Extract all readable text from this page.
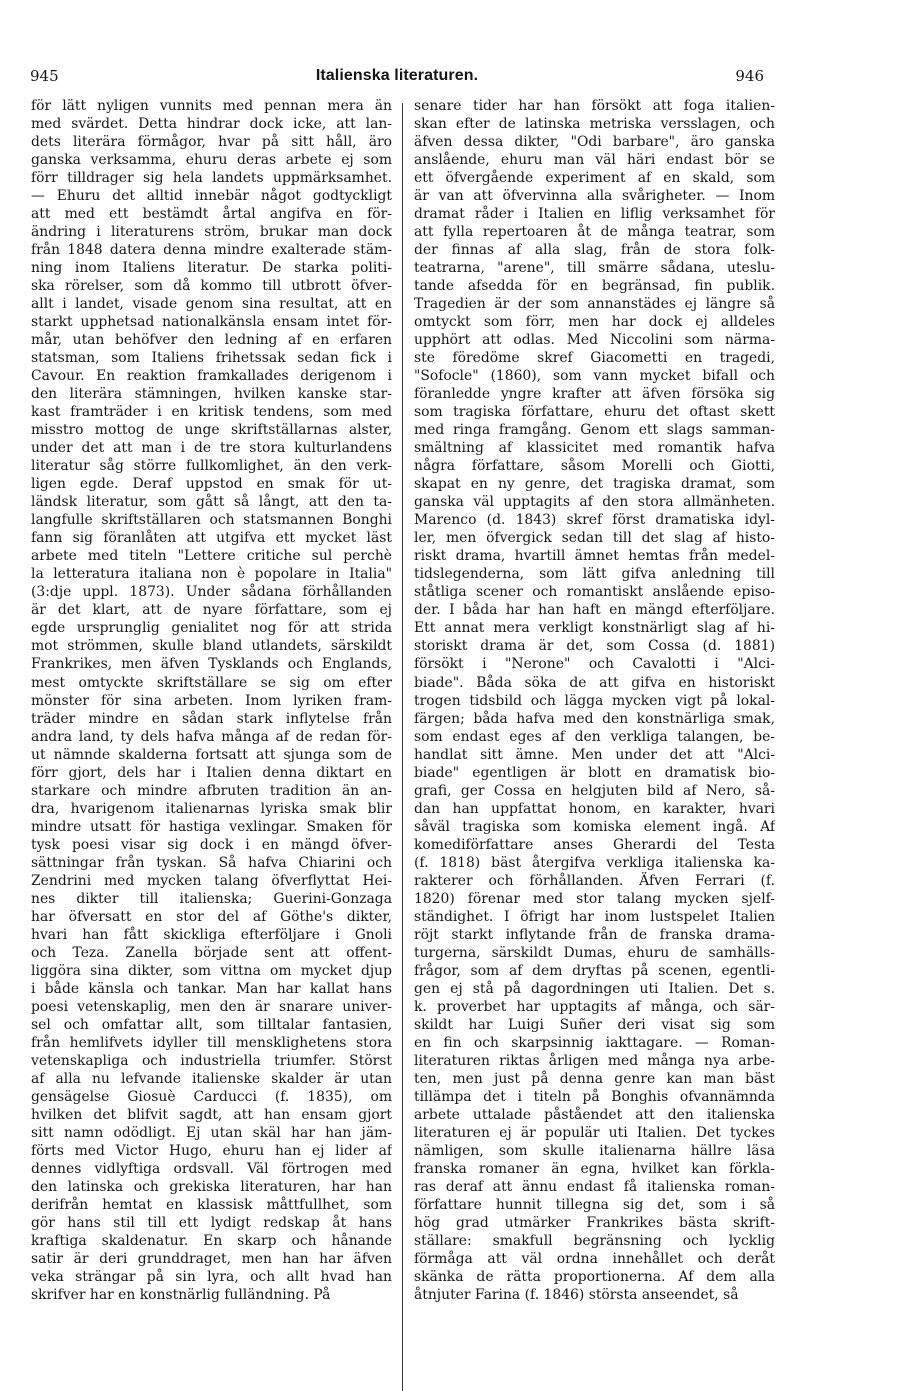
945	Italienska literaturen.	946
för lätt nyligen vunnits med pennan mera än
med svärdet. Detta hindrar dock icke, att lan-
dets literära förmågor, hvar på sitt håll, äro
ganska verksamma, ehuru deras arbete ej som
förr tilldrager sig hela landets uppmärksamhet.
— Ehuru det alltid innebär något godtyckligt
att med ett bestämdt årtal angifva en för-
ändring i literaturens ström, brukar man dock
från 1848 datera denna mindre exalterade stäm-
ning inom Italiens literatur. De starka politi-
ska rörelser, som då kommo till utbrott öfver-
allt i landet, visade genom sina resultat, att en
starkt upphetsad nationalkänsla ensam intet för-
mår, utan behöfver den ledning af en erfaren
statsman, som Italiens frihetssak sedan fick i
Cavour. En reaktion framkallades derigenom i
den literära stämningen, hvilken kanske star-
kast framträder i en kritisk tendens, som med
misstro mottog de unge skriftställarnas alster,
under det att man i de tre stora kulturlandens
literatur såg större fullkomlighet, än den verk-
ligen egde. Deraf uppstod en smak för ut-
ländsk literatur, som gått så långt, att den ta-
langfulle skriftställaren och statsmannen Bonghi
fann sig föranlåten att utgifva ett mycket läst
arbete med titeln "Lettere critiche sul perchè
la letteratura italiana non è popolare in Italia"
(3:dje uppl. 1873). Under sådana förhållanden
är det klart, att de nyare författare, som ej
egde ursprunglig genialitet nog för att strida
mot strömmen, skulle bland utlandets, särskildt
Frankrikes, men äfven Tysklands och Englands,
mest omtyckte skriftställare se sig om efter
mönster för sina arbeten. Inom lyriken fram-
träder mindre en sådan stark inflytelse från
andra land, ty dels hafva många af de redan för-
ut nämnde skalderna fortsatt att sjunga som de
förr gjort, dels har i Italien denna diktart en
starkare och mindre afbruten tradition än an-
dra, hvarigenom italienarnas lyriska smak blir
mindre utsatt för hastiga vexlingar. Smaken för
tysk poesi visar sig dock i en mängd öfver-
sättningar från tyskan. Så hafva Chiarini och
Zendrini med mycken talang öfverflyttat Hei-
nes dikter till italienska; Guerini-Gonzaga
har öfversatt en stor del af Göthe's dikter,
hvari han fått skickliga efterföljare i Gnoli
och Teza. Zanella började sent att offent-
liggöra sina dikter, som vittna om mycket djup
i både känsla och tankar. Man har kallat hans
poesi vetenskaplig, men den är snarare univer-
sel och omfattar allt, som tilltalar fantasien,
från hemlifvets idyller till mensklighetens stora
vetenskapliga och industriella triumfer. Störst
af alla nu lefvande italienske skalder är utan
gensägelse Giosuè Carducci (f. 1835), om
hvilken det blifvit sagdt, att han ensam gjort
sitt namn odödligt. Ej utan skäl har han jäm-
förts med Victor Hugo, ehuru han ej lider af
dennes vidlyftiga ordsvall. Väl förtrogen med
den latinska och grekiska literaturen, har han
derifrån hemtat en klassisk måttfullhet, som
gör hans stil till ett lydigt redskap åt hans
kraftiga skaldenatur. En skarp och hånande
satir är deri grunddraget, men han har äfven
veka strängar på sin lyra, och allt hvad han
skrifver har en konstnärlig fulländning. På
senare tider har han försökt att foga italien-
skan efter de latinska metriska versslagen, och
äfven dessa dikter, "Odi barbare", äro ganska
anslående, ehuru man väl häri endast bör se
ett öfvergående experiment af en skald, som
är van att öfvervinna alla svårigheter. — Inom
dramat råder i Italien en liflig verksamhet för
att fylla repertoaren åt de många teatrar, som
der finnas af alla slag, från de stora folk-
teatrarna, "arene", till smärre sådana, uteslu-
tande afsedda för en begränsad, fin publik.
Tragedien är der som annanstädes ej längre så
omtyckt som förr, men har dock ej alldeles
upphört att odlas. Med Niccolini som närma-
ste föredöme skref Giacometti en tragedi,
"Sofocle" (1860), som vann mycket bifall och
föranledde yngre krafter att äfven försöka sig
som tragiska författare, ehuru det oftast skett
med ringa framgång. Genom ett slags samman-
smältning af klassicitet med romantik hafva
några författare, såsom Morelli och Giotti,
skapat en ny genre, det tragiska dramat, som
ganska väl upptagits af den stora allmänheten.
Marenco (d. 1843) skref först dramatiska idyl-
ler, men öfvergick sedan till det slag af histo-
riskt drama, hvartill ämnet hemtas från medel-
tidslegenderna, som lätt gifva anledning till
ståtliga scener och romantiskt anslående episo-
der. I båda har han haft en mängd efterföljare.
Ett annat mera verkligt konstnärligt slag af hi-
storiskt drama är det, som Cossa (d. 1881)
försökt i "Nerone" och Cavalotti i "Alci-
biade". Båda söka de att gifva en historiskt
trogen tidsbild och lägga mycken vigt på lokal-
färgen; båda hafva med den konstnärliga smak,
som endast eges af den verkliga talangen, be-
handlat sitt ämne. Men under det att "Alci-
biade" egentligen är blott en dramatisk bio-
grafi, ger Cossa en helgjuten bild af Nero, så-
dan han uppfattat honom, en karakter, hvari
såväl tragiska som komiska element ingå. Af
komediförfattare anses Gherardi del Testa
(f. 1818) bäst återgifva verkliga italienska ka-
rakterer och förhållanden. Äfven Ferrari (f.
1820) förenar med stor talang mycken sjelf-
ständighet. I öfrigt har inom lustspelet Italien
röjt starkt inflytande från de franska drama-
turgerna, särskildt Dumas, ehuru de samhälls-
frågor, som af dem dryftas på scenen, egentli-
gen ej stå på dagordningen uti Italien. Det s.
k. proverbet har upptagits af många, och sär-
skildt har Luigi Suñer deri visat sig som
en fin och skarpsinnig iakttagare. — Roman-
literaturen riktas årligen med många nya arbe-
ten, men just på denna genre kan man bäst
tillämpa det i titeln på Bonghis ofvannämnda
arbete uttalade påståendet att den italienska
literaturen ej är populär uti Italien. Det tyckes
nämligen, som skulle italienarna hällre läsa
franska romaner än egna, hvilket kan förkla-
ras deraf att ännu endast få italienska roman-
författare hunnit tillegna sig det, som i så
hög grad utmärker Frankrikes bästa skrift-
ställare: smakfull begränsning och lycklig
förmåga att väl ordna innehållet och deråt
skänka de rätta proportionerna. Af dem alla
åtnjuter Farina (f. 1846) största anseendet, så
